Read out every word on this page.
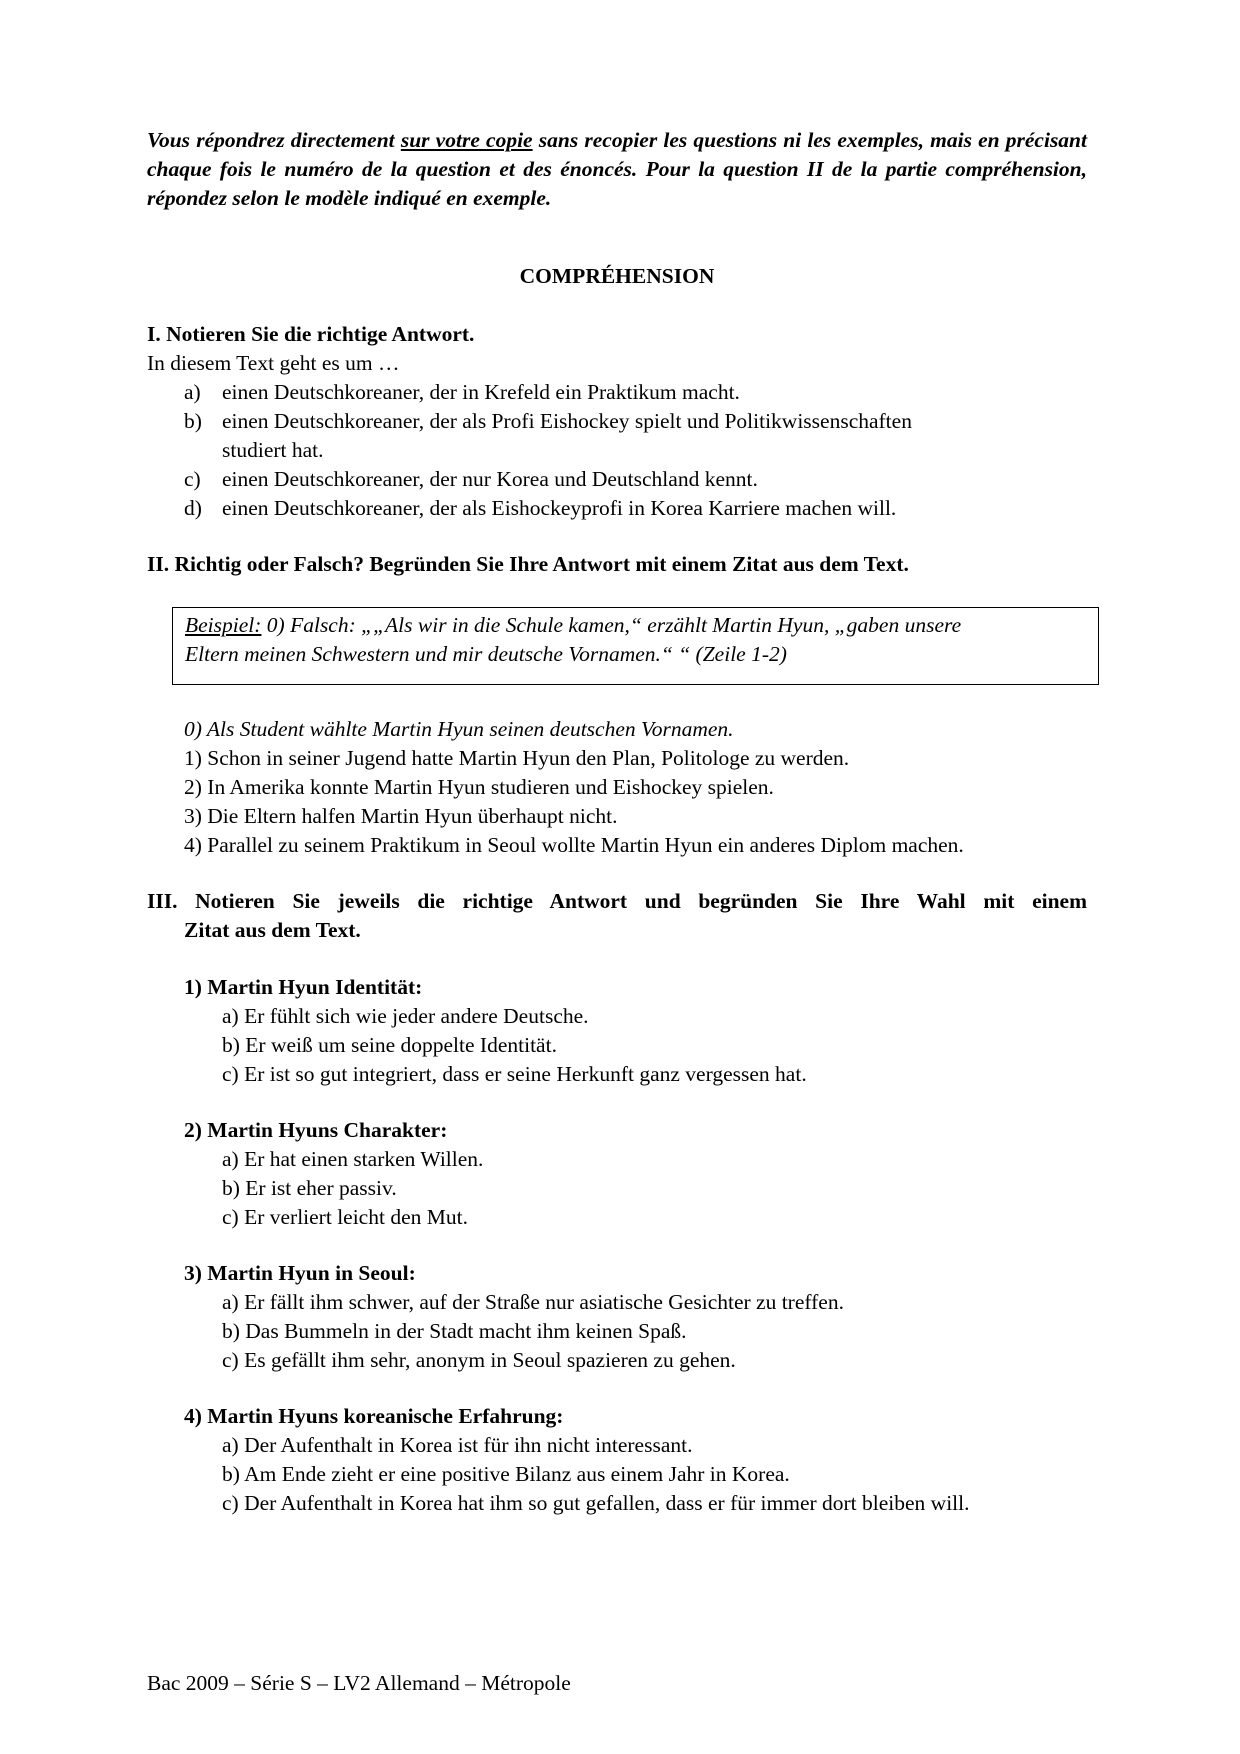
Vous répondrez directement sur votre copie sans recopier les questions ni les exemples, mais en précisant chaque fois le numéro de la question et des énoncés. Pour la question II de la partie compréhension, répondez selon le modèle indiqué en exemple.
COMPRÉHENSION
I. Notieren Sie die richtige Antwort.
In diesem Text geht es um …
a) einen Deutschkoreaner, der in Krefeld ein Praktikum macht.
b) einen Deutschkoreaner, der als Profi Eishockey spielt und Politikwissenschaften
studiert hat.
c) einen Deutschkoreaner, der nur Korea und Deutschland kennt.
d) einen Deutschkoreaner, der als Eishockeyprofi in Korea Karriere machen will.
II. Richtig oder Falsch? Begründen Sie Ihre Antwort mit einem Zitat aus dem Text.
Beispiel: 0) Falsch: „„Als wir in die Schule kamen,“ erzählt Martin Hyun, „gaben unsere
Eltern meinen Schwestern und mir deutsche Vornamen.“ “ (Zeile 1-2)
0) Als Student wählte Martin Hyun seinen deutschen Vornamen.
1) Schon in seiner Jugend hatte Martin Hyun den Plan, Politologe zu werden.
2) In Amerika konnte Martin Hyun studieren und Eishockey spielen.
3) Die Eltern halfen Martin Hyun überhaupt nicht.
4) Parallel zu seinem Praktikum in Seoul wollte Martin Hyun ein anderes Diplom machen.
III. Notieren Sie jeweils die richtige Antwort und begründen Sie Ihre Wahl mit einem
Zitat aus dem Text.
1) Martin Hyun Identität:
a) Er fühlt sich wie jeder andere Deutsche.
b) Er weiß um seine doppelte Identität.
c) Er ist so gut integriert, dass er seine Herkunft ganz vergessen hat.
2) Martin Hyuns Charakter:
a) Er hat einen starken Willen.
b) Er ist eher passiv.
c) Er verliert leicht den Mut.
3) Martin Hyun in Seoul:
a) Er fällt ihm schwer, auf der Straße nur asiatische Gesichter zu treffen.
b) Das Bummeln in der Stadt macht ihm keinen Spaß.
c) Es gefällt ihm sehr, anonym in Seoul spazieren zu gehen.
4) Martin Hyuns koreanische Erfahrung:
a) Der Aufenthalt in Korea ist für ihn nicht interessant.
b) Am Ende zieht er eine positive Bilanz aus einem Jahr in Korea.
c) Der Aufenthalt in Korea hat ihm so gut gefallen, dass er für immer dort bleiben will.
Bac 2009 – Série S – LV2 Allemand – Métropole
